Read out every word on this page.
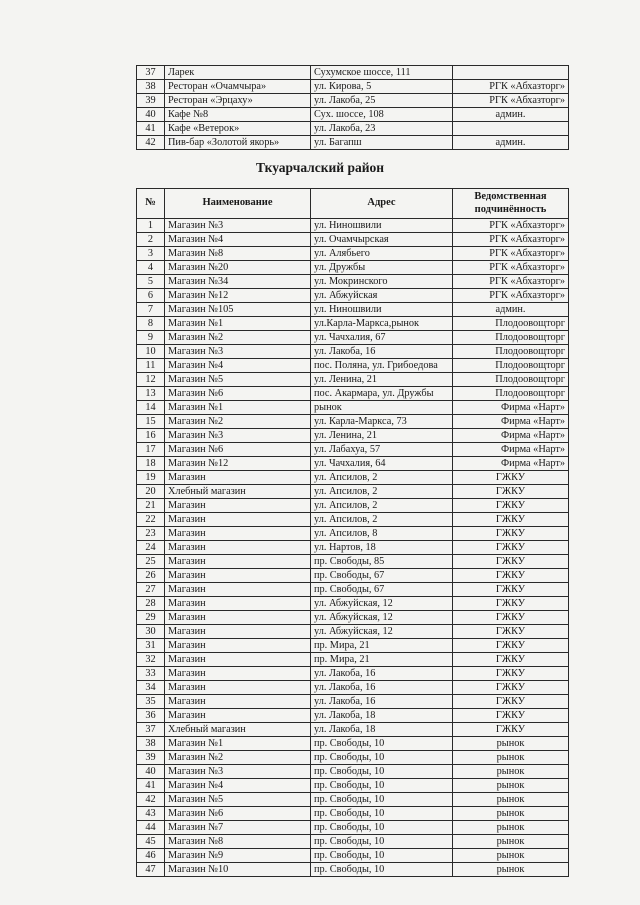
37	Ларек	Сухумское шоссе, 111	
38	Ресторан «Очамчыра»	ул. Кирова, 5	РГК «Абхазторг»
39	Ресторан «Эрцаху»	ул. Лакоба, 25	РГК «Абхазторг»
40	Кафе №8	Сух. шоссе, 108	админ.
41	Кафе «Ветерок»	ул. Лакоба, 23	
42	Пив-бар «Золотой якорь»	ул. Багапш	админ.
Ткуарчалский район
№	Наименование	Адрес	Ведомственная подчинённость
1	Магазин №3	ул. Ниношвили	РГК «Абхазторг»
2	Магазин №4	ул. Очамчырская	РГК «Абхазторг»
3	Магазин №8	ул. Алябьего	РГК «Абхазторг»
4	Магазин №20	ул. Дружбы	РГК «Абхазторг»
5	Магазин №34	ул. Мокринского	РГК «Абхазторг»
6	Магазин №12	ул. Абжуйская	РГК «Абхазторг»
7	Магазин №105	ул. Ниношвили	админ.
8	Магазин №1	ул.Карла-Маркса,рынок	Плодоовощторг
9	Магазин №2	ул. Чачхалия, 67	Плодоовощторг
10	Магазин №3	ул. Лакоба, 16	Плодоовощторг
11	Магазин №4	пос. Поляна, ул. Грибоедова	Плодоовощторг
12	Магазин №5	ул. Ленина, 21	Плодоовощторг
13	Магазин №6	пос. Акармара, ул. Дружбы	Плодоовощторг
14	Магазин №1	рынок	Фирма «Нарт»
15	Магазин №2	ул. Карла-Маркса, 73	Фирма «Нарт»
16	Магазин №3	ул. Ленина, 21	Фирма «Нарт»
17	Магазин №6	ул. Лабахуа, 57	Фирма «Нарт»
18	Магазин №12	ул. Чачхалия, 64	Фирма «Нарт»
19	Магазин	ул. Апсилов, 2	ГЖКУ
20	Хлебный магазин	ул. Апсилов, 2	ГЖКУ
21	Магазин	ул. Апсилов, 2	ГЖКУ
22	Магазин	ул. Апсилов, 2	ГЖКУ
23	Магазин	ул. Апсилов, 8	ГЖКУ
24	Магазин	ул. Нартов, 18	ГЖКУ
25	Магазин	пр. Свободы, 85	ГЖКУ
26	Магазин	пр. Свободы, 67	ГЖКУ
27	Магазин	пр. Свободы, 67	ГЖКУ
28	Магазин	ул. Абжуйская, 12	ГЖКУ
29	Магазин	ул. Абжуйская, 12	ГЖКУ
30	Магазин	ул. Абжуйская, 12	ГЖКУ
31	Магазин	пр. Мира, 21	ГЖКУ
32	Магазин	пр. Мира, 21	ГЖКУ
33	Магазин	ул. Лакоба, 16	ГЖКУ
34	Магазин	ул. Лакоба, 16	ГЖКУ
35	Магазин	ул. Лакоба, 16	ГЖКУ
36	Магазин	ул. Лакоба, 18	ГЖКУ
37	Хлебный магазин	ул. Лакоба, 18	ГЖКУ
38	Магазин №1	пр. Свободы, 10	рынок
39	Магазин №2	пр. Свободы, 10	рынок
40	Магазин №3	пр. Свободы, 10	рынок
41	Магазин №4	пр. Свободы, 10	рынок
42	Магазин №5	пр. Свободы, 10	рынок
43	Магазин №6	пр. Свободы, 10	рынок
44	Магазин №7	пр. Свободы, 10	рынок
45	Магазин №8	пр. Свободы, 10	рынок
46	Магазин №9	пр. Свободы, 10	рынок
47	Магазин №10	пр. Свободы, 10	рынок
